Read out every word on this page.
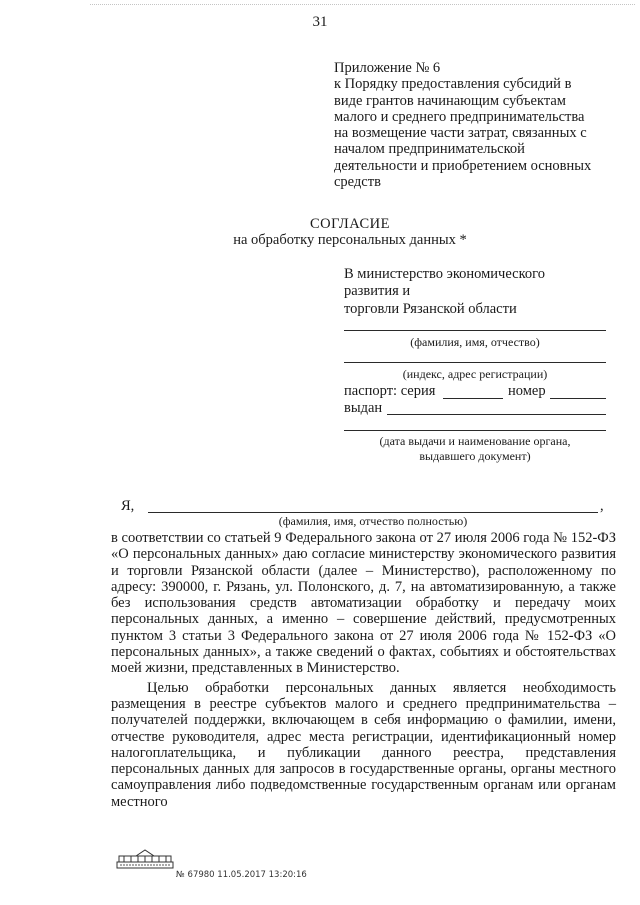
31
Приложение № 6
к Порядку предоставления субсидий в
виде грантов начинающим субъектам
малого и среднего предпринимательства
на возмещение части затрат, связанных с
началом предпринимательской
деятельности и приобретением основных
средств
СОГЛАСИЕ
на обработку персональных данных *
В министерство экономического
развития и
торговли Рязанской области
(фамилия, имя, отчество)
(индекс, адрес регистрации)
паспорт: серия	номер
выдан
(дата выдачи и наименование органа,
выдавшего документ)
Я,	,
(фамилия, имя, отчество полностью)

в соответствии со статьей 9 Федерального закона от 27 июля 2006 года № 152-ФЗ «О персональных данных» даю согласие министерству экономического развития и торговли Рязанской области (далее – Министерство), расположенному по адресу: 390000, г. Рязань, ул. Полонского, д. 7, на автоматизированную, а также без использования средств автоматизации обработку и передачу моих персональных данных, а именно – совершение действий, предусмотренных пунктом 3 статьи 3 Федерального закона от 27 июля 2006 года № 152-ФЗ «О персональных данных», а также сведений о фактах, событиях и обстоятельствах моей жизни, представленных в Министерство.

Целью обработки персональных данных является необходимость размещения в реестре субъектов малого и среднего предпринимательства – получателей поддержки, включающем в себя информацию о фамилии, имени, отчестве руководителя, адрес места регистрации, идентификационный номер налогоплательщика, и публикации данного реестра, представления персональных данных для запросов в государственные органы, органы местного самоуправления либо подведомственные государственным органам или органам местного

№ 67980 11.05.2017 13:20:16
